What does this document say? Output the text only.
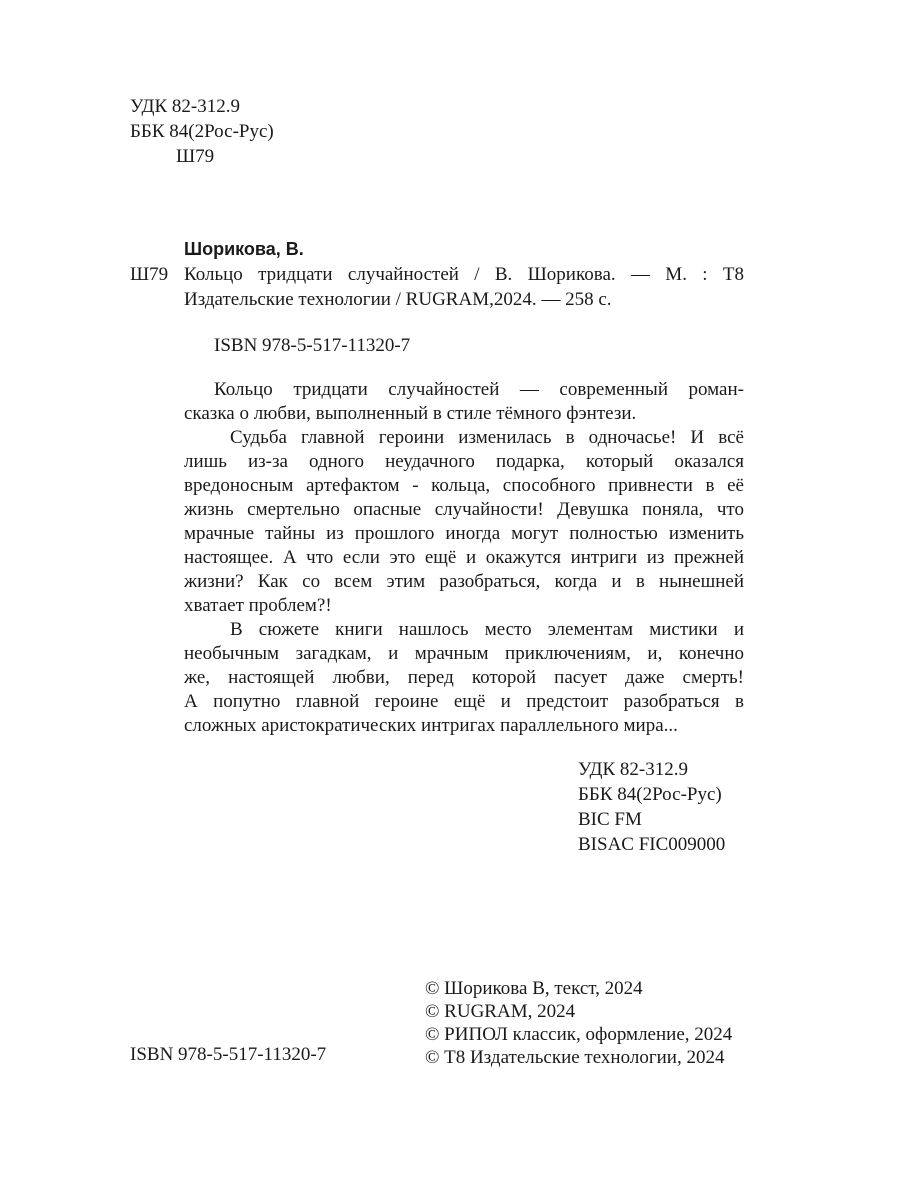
УДК 82-312.9
ББК 84(2Рос-Рус)
Ш79
Шорикова, В.
Ш79 Кольцо тридцати случайностей / В. Шорикова. — М. : Т8
Издательские технологии / RUGRAM,2024. — 258 с.
ISBN 978-5-517-11320-7
Кольцо тридцати случайностей — современный роман-
сказка о любви, выполненный в стиле тёмного фэнтези.
Судьба главной героини изменилась в одночасье! И всё
лишь из-за одного неудачного подарка, который оказался
вредоносным артефактом - кольца, способного привнести в её
жизнь смертельно опасные случайности! Девушка поняла, что
мрачные тайны из прошлого иногда могут полностью изменить
настоящее. А что если это ещё и окажутся интриги из прежней
жизни? Как со всем этим разобраться, когда и в нынешней
хватает проблем?!
В сюжете книги нашлось место элементам мистики и
необычным загадкам, и мрачным приключениям, и, конечно
же, настоящей любви, перед которой пасует даже смерть!
А попутно главной героине ещё и предстоит разобраться в
сложных аристократических интригах параллельного мира...
УДК 82-312.9
ББК 84(2Рос-Рус)
BIC FM
BISAC FIC009000
© Шорикова В, текст, 2024
© RUGRAM, 2024
© РИПОЛ классик, оформление, 2024
© Т8 Издательские технологии, 2024
ISBN 978-5-517-11320-7
